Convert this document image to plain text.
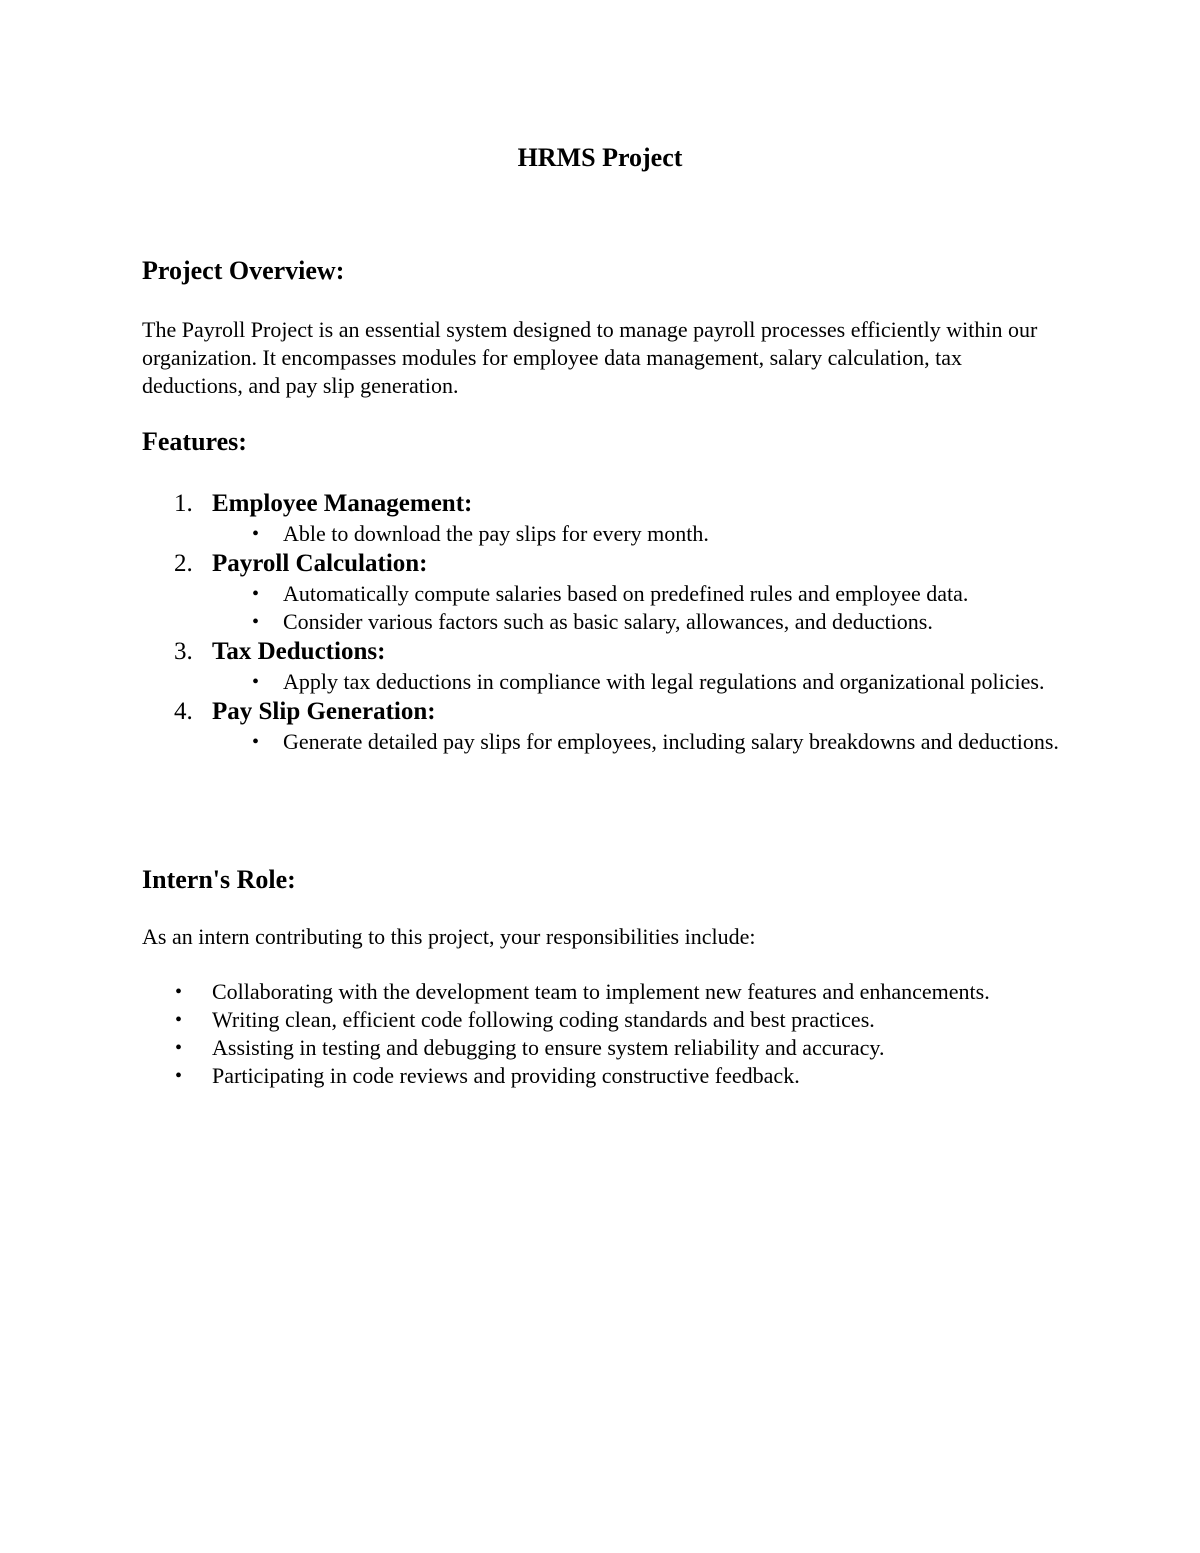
HRMS Project
Project Overview:

The Payroll Project is an essential system designed to manage payroll processes efficiently within our organization. It encompasses modules for employee data management, salary calculation, tax deductions, and pay slip generation.

Features:
1. Employee Management:
• Able to download the pay slips for every month.
2. Payroll Calculation:
• Automatically compute salaries based on predefined rules and employee data.
• Consider various factors such as basic salary, allowances, and deductions.
3. Tax Deductions:
• Apply tax deductions in compliance with legal regulations and organizational policies.
4. Pay Slip Generation:
• Generate detailed pay slips for employees, including salary breakdowns and deductions.
Intern's Role:

As an intern contributing to this project, your responsibilities include:

• Collaborating with the development team to implement new features and enhancements.
• Writing clean, efficient code following coding standards and best practices.
• Assisting in testing and debugging to ensure system reliability and accuracy.
• Participating in code reviews and providing constructive feedback.
